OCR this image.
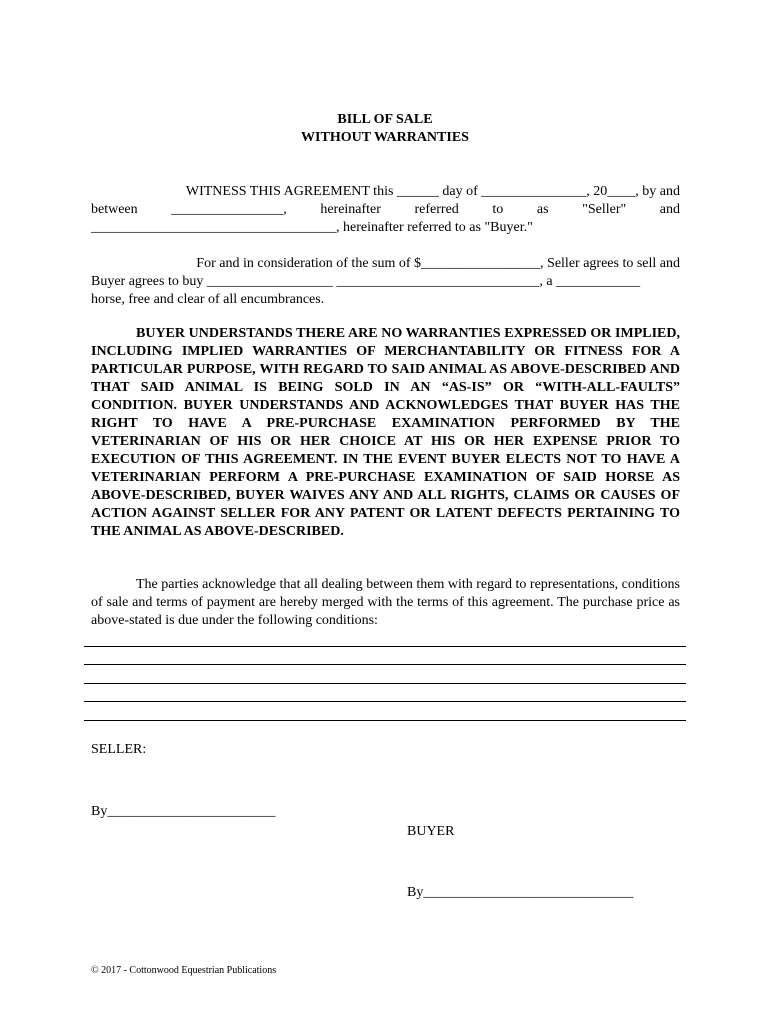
BILL OF SALE
WITHOUT WARRANTIES
WITNESS THIS AGREEMENT this ______ day of _______________, 20____, by and
between ________________, hereinafter referred to as "Seller" and
___________________________________, hereinafter referred to as "Buyer."
For and in consideration of the sum of $_________________, Seller agrees to sell and
Buyer agrees to buy __________________ _____________________________, a ____________
horse, free and clear of all encumbrances.

BUYER UNDERSTANDS THERE ARE NO WARRANTIES EXPRESSED OR IMPLIED, INCLUDING IMPLIED WARRANTIES OF MERCHANTABILITY OR FITNESS FOR A PARTICULAR PURPOSE, WITH REGARD TO SAID ANIMAL AS ABOVE-DESCRIBED AND THAT SAID ANIMAL IS BEING SOLD IN AN “AS-IS” OR “WITH-ALL-FAULTS” CONDITION. BUYER UNDERSTANDS AND ACKNOWLEDGES THAT BUYER HAS THE RIGHT TO HAVE A PRE-PURCHASE EXAMINATION PERFORMED BY THE VETERINARIAN OF HIS OR HER CHOICE AT HIS OR HER EXPENSE PRIOR TO EXECUTION OF THIS AGREEMENT. IN THE EVENT BUYER ELECTS NOT TO HAVE A VETERINARIAN PERFORM A PRE-PURCHASE EXAMINATION OF SAID HORSE AS ABOVE-DESCRIBED, BUYER WAIVES ANY AND ALL RIGHTS, CLAIMS OR CAUSES OF ACTION AGAINST SELLER FOR ANY PATENT OR LATENT DEFECTS PERTAINING TO THE ANIMAL AS ABOVE-DESCRIBED.

The parties acknowledge that all dealing between them with regard to representations, conditions of sale and terms of payment are hereby merged with the terms of this agreement. The purchase price as above-stated is due under the following conditions:

SELLER:
By________________________
BUYER
By______________________________
© 2017 - Cottonwood Equestrian Publications
